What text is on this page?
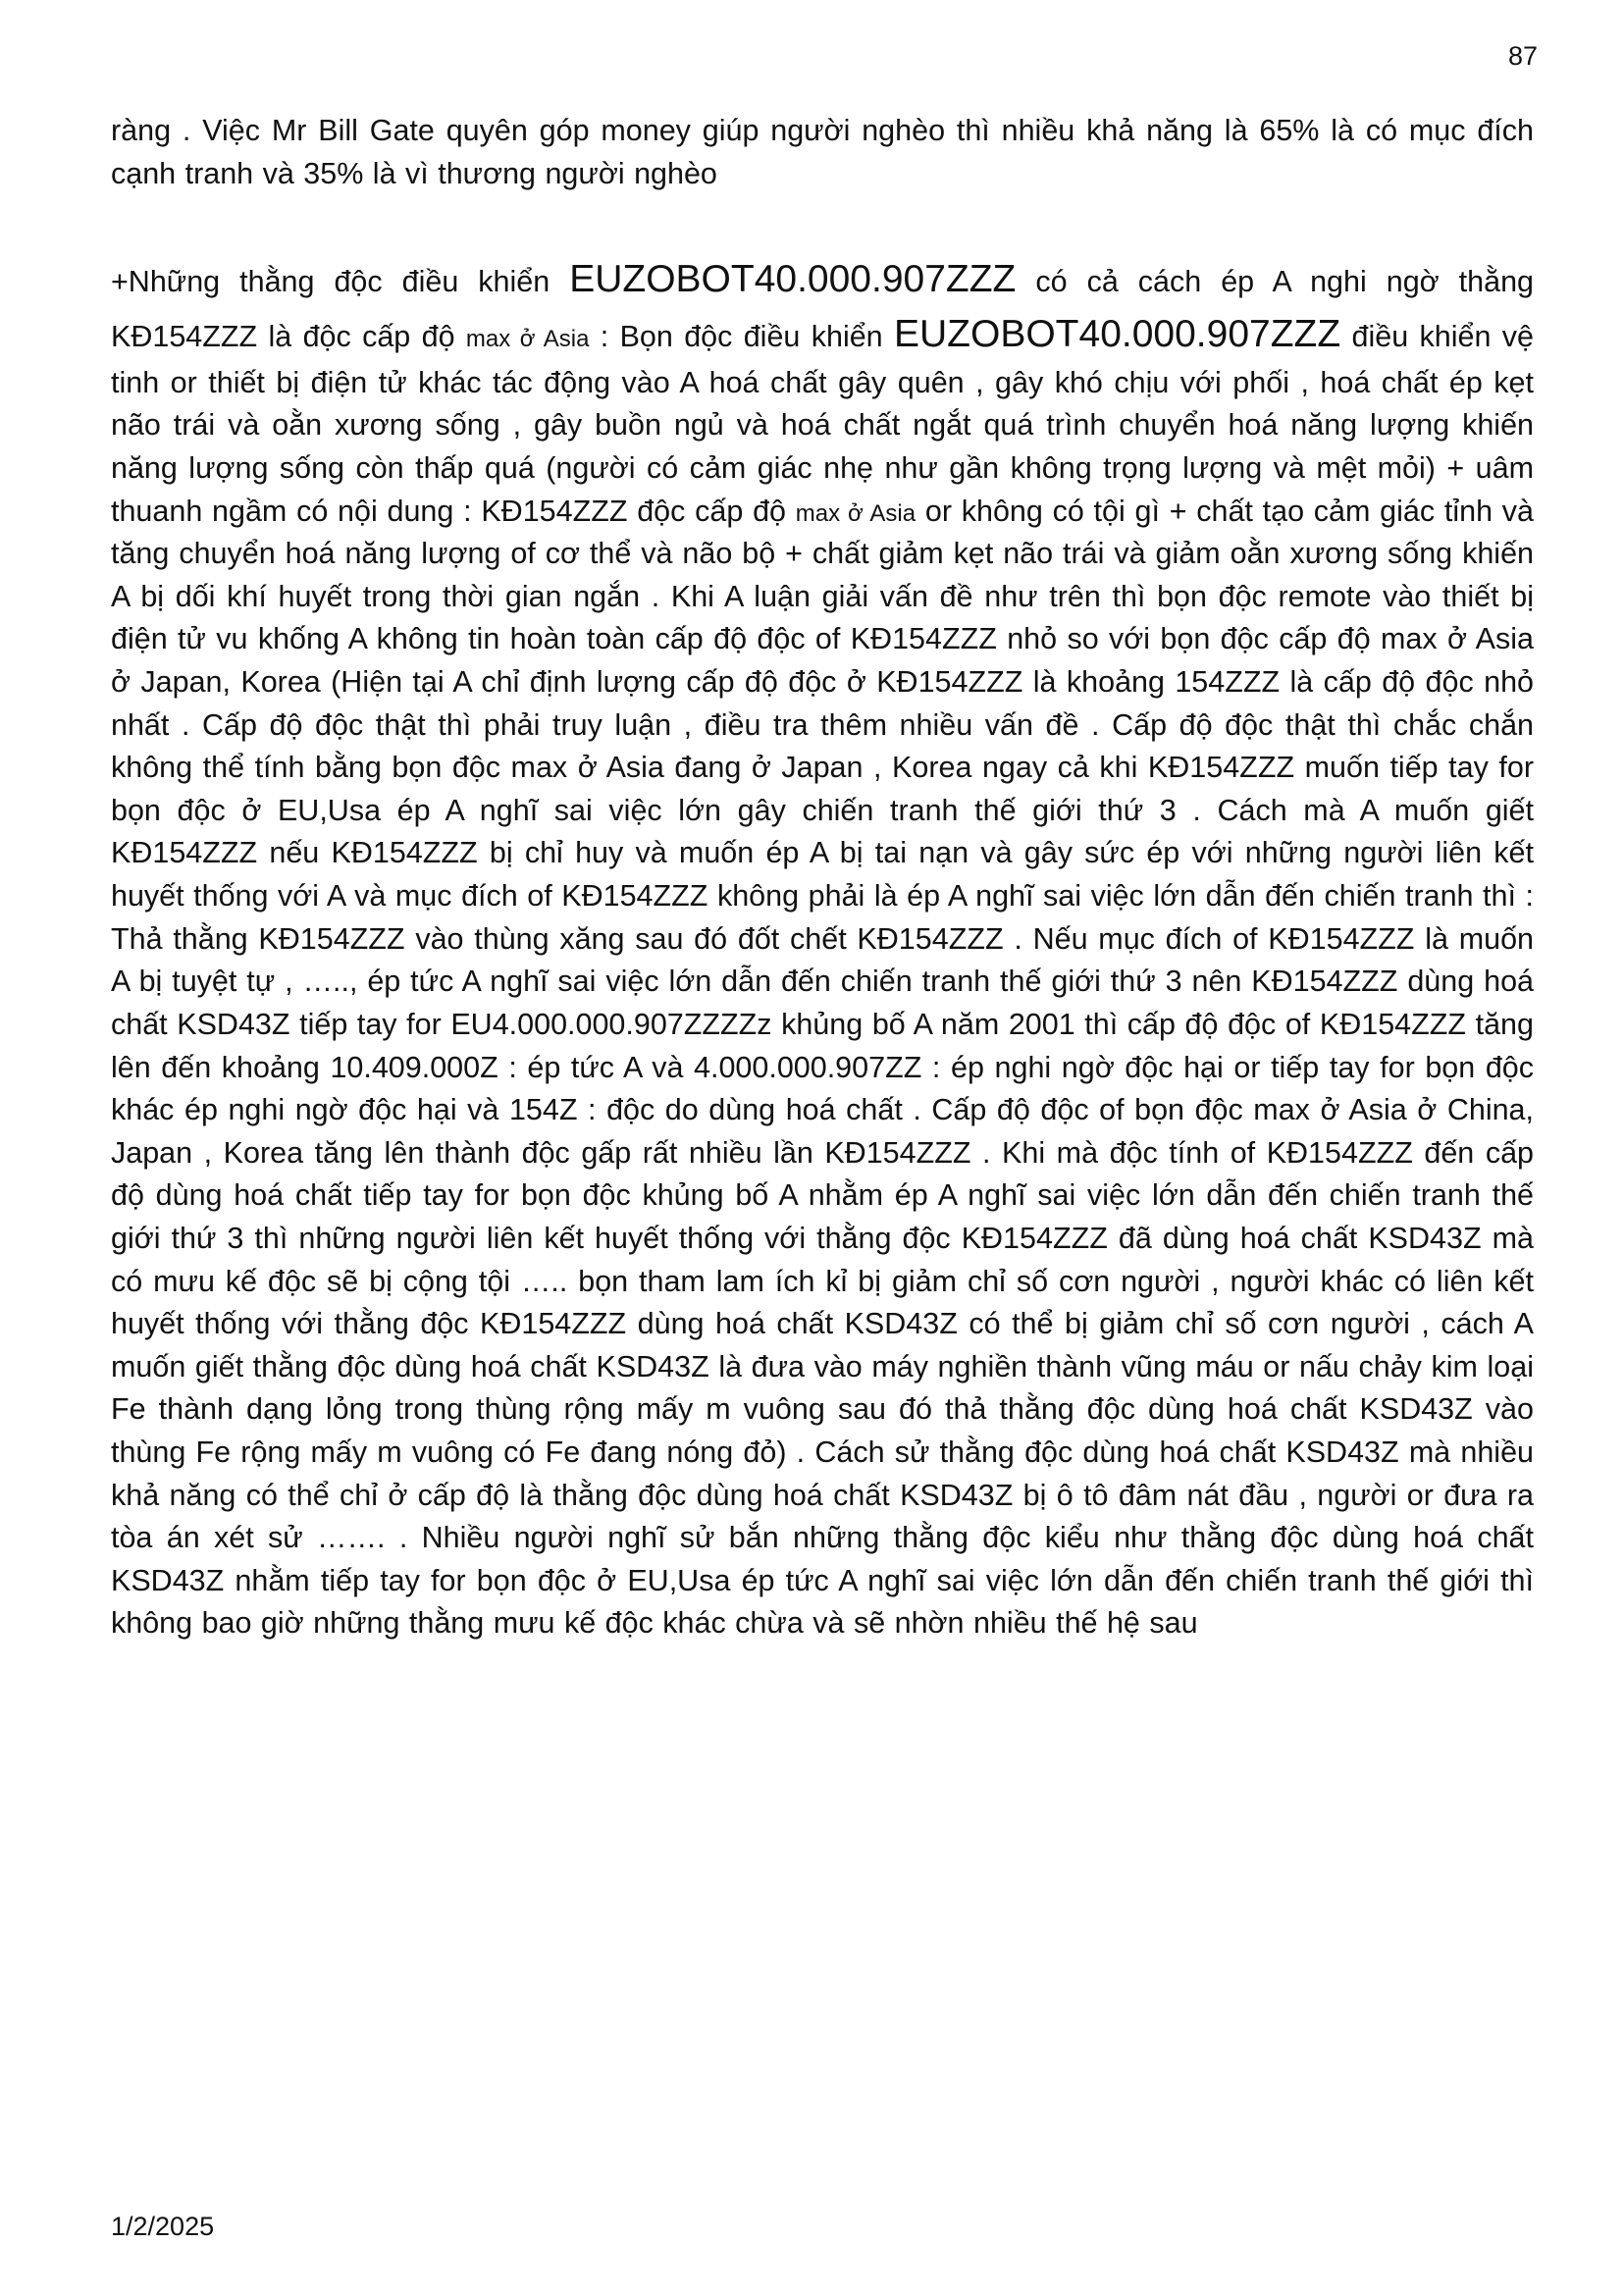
87

ràng . Việc Mr Bill Gate quyên góp money giúp người nghèo thì nhiều khả năng là 65% là có mục đích cạnh tranh và 35% là vì thương người nghèo

+Những thằng độc điều khiển EUZOBOT40.000.907ZZZ có cả cách ép A nghi ngờ thằng KĐ154ZZZ là độc cấp độ max ở Asia : Bọn độc điều khiển EUZOBOT40.000.907ZZZ điều khiển vệ tinh or thiết bị điện tử khác tác động vào A hoá chất gây quên , gây khó chịu với phối , hoá chất ép kẹt não trái và oằn xương sống , gây buồn ngủ và hoá chất ngắt quá trình chuyển hoá năng lượng khiến năng lượng sống còn thấp quá (người có cảm giác nhẹ như gần không trọng lượng và mệt mỏi) + uâm thuanh ngầm có nội dung : KĐ154ZZZ độc cấp độ max ở Asia or không có tội gì + chất tạo cảm giác tỉnh và tăng chuyển hoá năng lượng of cơ thể và não bộ + chất giảm kẹt não trái và giảm oằn xương sống khiến A bị dối khí huyết trong thời gian ngắn . Khi A luận giải vấn đề như trên thì bọn độc remote vào thiết bị điện tử vu khống A không tin hoàn toàn cấp độ độc of KĐ154ZZZ nhỏ so với bọn độc cấp độ max ở Asia ở Japan, Korea (Hiện tại A chỉ định lượng cấp độ độc ở KĐ154ZZZ là khoảng 154ZZZ là cấp độ độc nhỏ nhất . Cấp độ độc thật thì phải truy luận , điều tra thêm nhiều vấn đề . Cấp độ độc thật thì chắc chắn không thể tính bằng bọn độc max ở Asia đang ở Japan , Korea ngay cả khi KĐ154ZZZ muốn tiếp tay for bọn độc ở EU,Usa ép A nghĩ sai việc lớn gây chiến tranh thế giới thứ 3 . Cách mà A muốn giết KĐ154ZZZ nếu KĐ154ZZZ bị chỉ huy và muốn ép A bị tai nạn và gây sức ép với những người liên kết huyết thống với A và mục đích of KĐ154ZZZ không phải là ép A nghĩ sai việc lớn dẫn đến chiến tranh thì : Thả thằng KĐ154ZZZ vào thùng xăng sau đó đốt chết KĐ154ZZZ . Nếu mục đích of KĐ154ZZZ là muốn A bị tuyệt tự , ….., ép tức A nghĩ sai việc lớn dẫn đến chiến tranh thế giới thứ 3 nên KĐ154ZZZ dùng hoá chất KSD43Z tiếp tay for EU4.000.000.907ZZZZz khủng bố A năm 2001 thì cấp độ độc of KĐ154ZZZ tăng lên đến khoảng 10.409.000Z : ép tức A và 4.000.000.907ZZ : ép nghi ngờ độc hại or tiếp tay for bọn độc khác ép nghi ngờ độc hại và 154Z : độc do dùng hoá chất . Cấp độ độc of bọn độc max ở Asia ở China, Japan , Korea tăng lên thành độc gấp rất nhiều lần KĐ154ZZZ . Khi mà độc tính of KĐ154ZZZ đến cấp độ dùng hoá chất tiếp tay for bọn độc khủng bố A nhằm ép A nghĩ sai việc lớn dẫn đến chiến tranh thế giới thứ 3 thì những người liên kết huyết thống với thằng độc KĐ154ZZZ đã dùng hoá chất KSD43Z mà có mưu kế độc sẽ bị cộng tội ….. bọn tham lam ích kỉ bị giảm chỉ số cơn người , người khác có liên kết huyết thống với thằng độc KĐ154ZZZ dùng hoá chất KSD43Z có thể bị giảm chỉ số cơn người , cách A muốn giết thằng độc dùng hoá chất KSD43Z là đưa vào máy nghiền thành vũng máu or nấu chảy kim loại Fe thành dạng lỏng trong thùng rộng mấy m vuông sau đó thả thằng độc dùng hoá chất KSD43Z vào thùng Fe rộng mấy m vuông có Fe đang nóng đỏ) . Cách sử thằng độc dùng hoá chất KSD43Z mà nhiều khả năng có thể chỉ ở cấp độ là thằng độc dùng hoá chất KSD43Z bị ô tô đâm nát đầu , người or đưa ra tòa án xét sử ……. . Nhiều người nghĩ sử bắn những thằng độc kiểu như thằng độc dùng hoá chất KSD43Z nhằm tiếp tay for bọn độc ở EU,Usa ép tức A nghĩ sai việc lớn dẫn đến chiến tranh thế giới thì không bao giờ những thằng mưu kế độc khác chừa và sẽ nhờn nhiều thế hệ sau

1/2/2025
